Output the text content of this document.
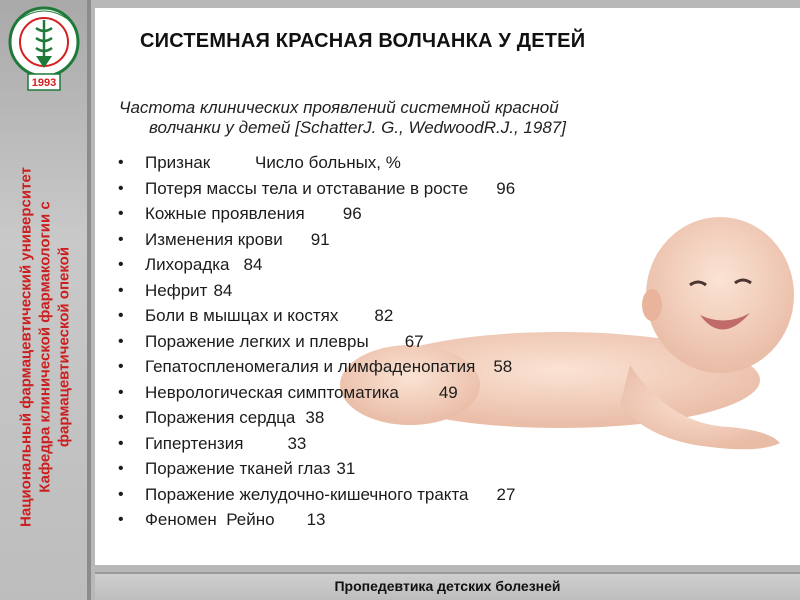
1993
Национальный фармацевтический университет Кафедра клинической фармакологии с фармацевтической опекой
СИСТЕМНАЯ КРАСНАЯ ВОЛЧАНКА У ДЕТЕЙ
Частота клинических проявлений системной красной
волчанки у детей [SchatterJ. G., WedwoodR.J., 1987]
• Признак	Число больных, %
• Потеря массы тела и отставание в росте 96
• Кожные проявления 96
• Изменения крови 91
• Лихорадка 84
• Нефрит 84
• Боли в мышцах и костях 82
• Поражение легких и плевры 67
• Гепатоспленомегалия и лимфаденопатия 58
• Неврологическая симптоматика 49
• Поражения сердца 38
• Гипертензия	33
• Поражение тканей глаз 31
• Поражение желудочно-кишечного тракта 27
• Феномен  Рейно 13
Пропедевтика детских болезней
